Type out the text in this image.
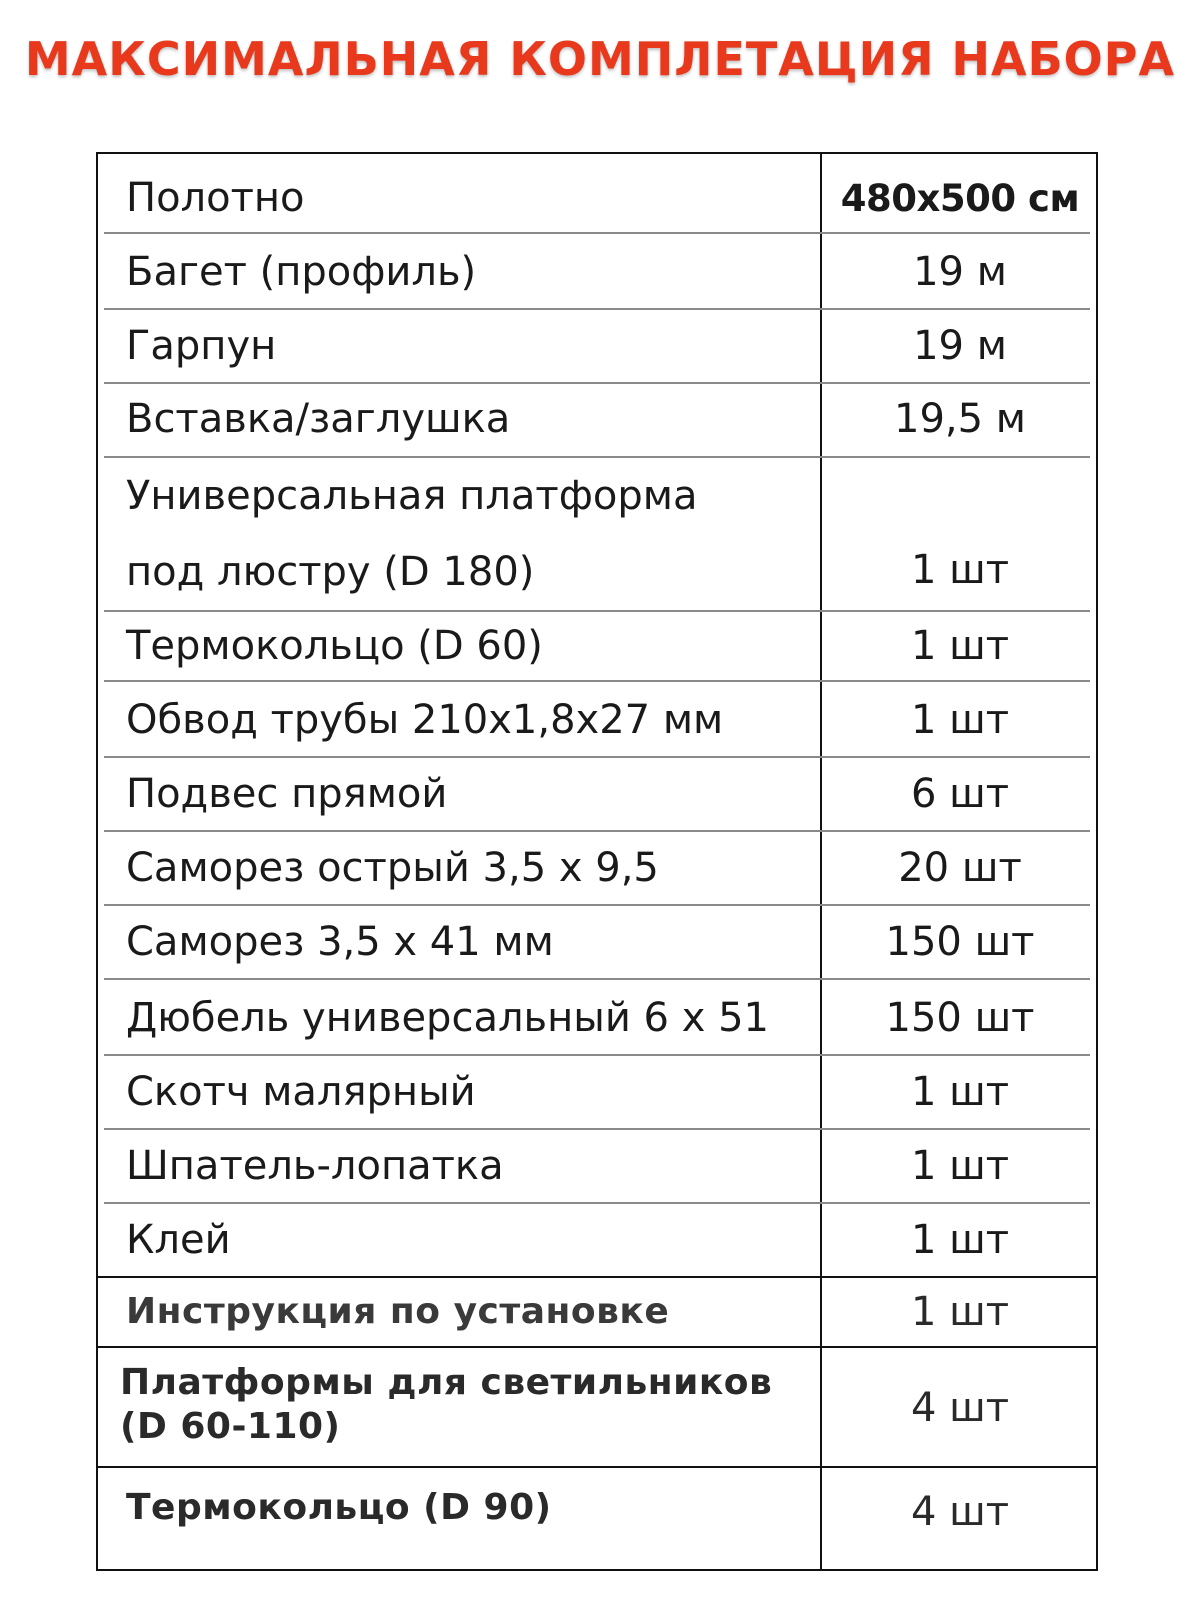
МАКСИМАЛЬНАЯ КОМПЛЕТАЦИЯ НАБОРА
Полотно	480х500 см
Багет (профиль)	19 м
Гарпун	19 м
Вставка/заглушка	19,5 м
Универсальная платформа
под люстру (D 180)	1 шт
Термокольцо (D 60)	1 шт
Обвод трубы 210х1,8х27 мм	1 шт
Подвес прямой	6 шт
Саморез острый 3,5 х 9,5	20 шт
Саморез 3,5 х 41 мм	150 шт
Дюбель универсальный 6 х 51	150 шт
Скотч малярный	1 шт
Шпатель-лопатка	1 шт
Клей	1 шт
Инструкция по установке	1 шт
Платформы для светильников
(D 60-110)	4 шт
Термокольцо (D 90)	4 шт
